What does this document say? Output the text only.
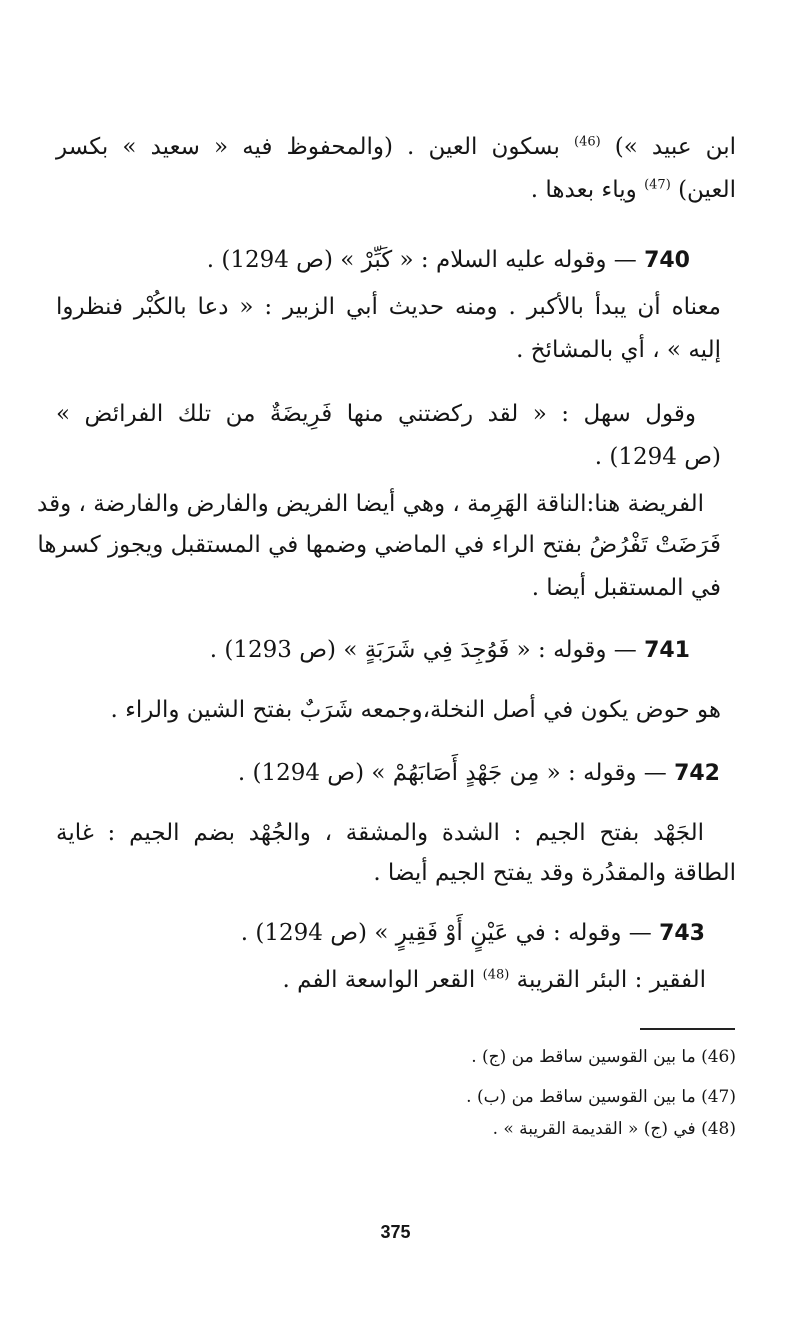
ابن عبيد ») $^{(46)}$ بسكون العين . (والمحفوظ فيه « سعيد » بكسر
العين) $^{(47)}$ وياء بعدها .
740 — وقوله عليه السلام : « كَبِّرْ » (ص 1294) .
معناه أن يبدأ بالأكبر . ومنه حديث أبي الزبير : « دعا بالكُبْر فنظروا
إليه » ، أي بالمشائخ .
وقول سهل : « لقد ركضتني منها فَرِيضَةٌ من تلك الفرائض »
(ص 1294) .
الفريضة هنا:الناقة الهَرِمة ، وهي أيضا الفريض والفارض والفارضة ، وقد
فَرَضَتْ تَفْرُضُ بفتح الراء في الماضي وضمها في المستقبل ويجوز كسرها
في المستقبل أيضا .
741 — وقوله : « فَوُجِدَ فِي شَرَبَةٍ » (ص 1293) .
هو حوض يكون في أصل النخلة،وجمعه شَرَبٌ بفتح الشين والراء .
742 — وقوله : « مِن جَهْدٍ أَصَابَهُمْ » (ص 1294) .
الجَهْد بفتح الجيم : الشدة والمشقة ، والجُهْد بضم الجيم : غاية
الطاقة والمقدُرة وقد يفتح الجيم أيضا .
743 — وقوله : في عَيْنٍ أَوْ فَقِيرٍ » (ص 1294) .
الفقير : البئر القريبة $^{(48)}$ القعر الواسعة الفم .
(46) ما بين القوسين ساقط من (ج) .
(47) ما بين القوسين ساقط من (ب) .
(48) في (ج) « القديمة القريبة » .
375
